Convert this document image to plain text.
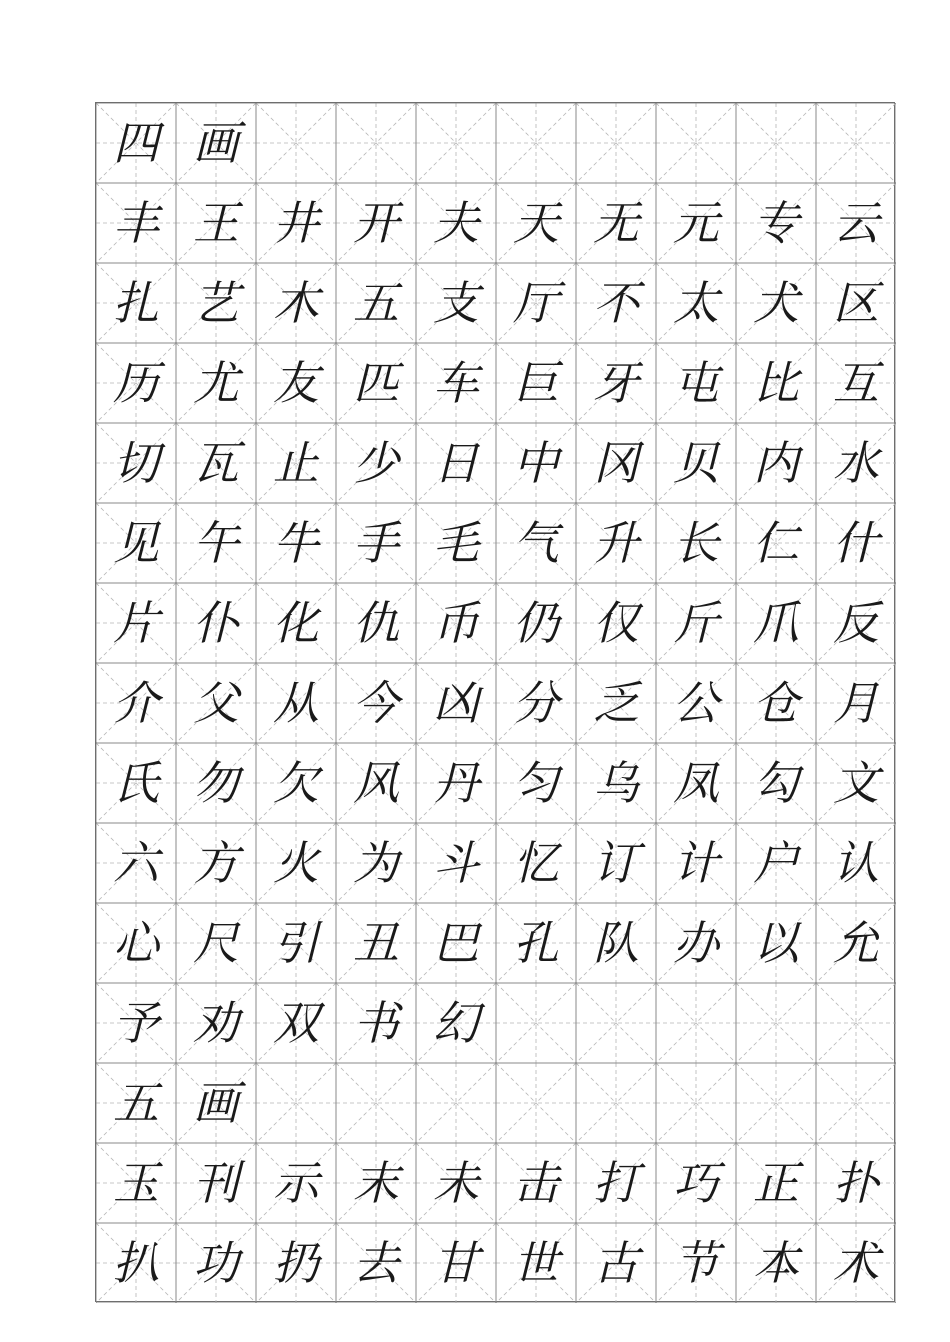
四 画
丰 王 井 开 夫 天 无 元 专 云
扎 艺 木 五 支 厅 不 太 犬 区
历 尤 友 匹 车 巨 牙 屯 比 互
切 瓦 止 少 日 中 冈 贝 内 水
见 午 牛 手 毛 气 升 长 仁 什
片 仆 化 仇 币 仍 仅 斤 爪 反
介 父 从 今 凶 分 乏 公 仓 月
氏 勿 欠 风 丹 匀 乌 凤 勾 文
六 方 火 为 斗 忆 订 计 户 认
心 尺 引 丑 巴 孔 队 办 以 允
予 劝 双 书 幻
五 画
玉 刊 示 末 未 击 打 巧 正 扑
扒 功 扔 去 甘 世 古 节 本 术
